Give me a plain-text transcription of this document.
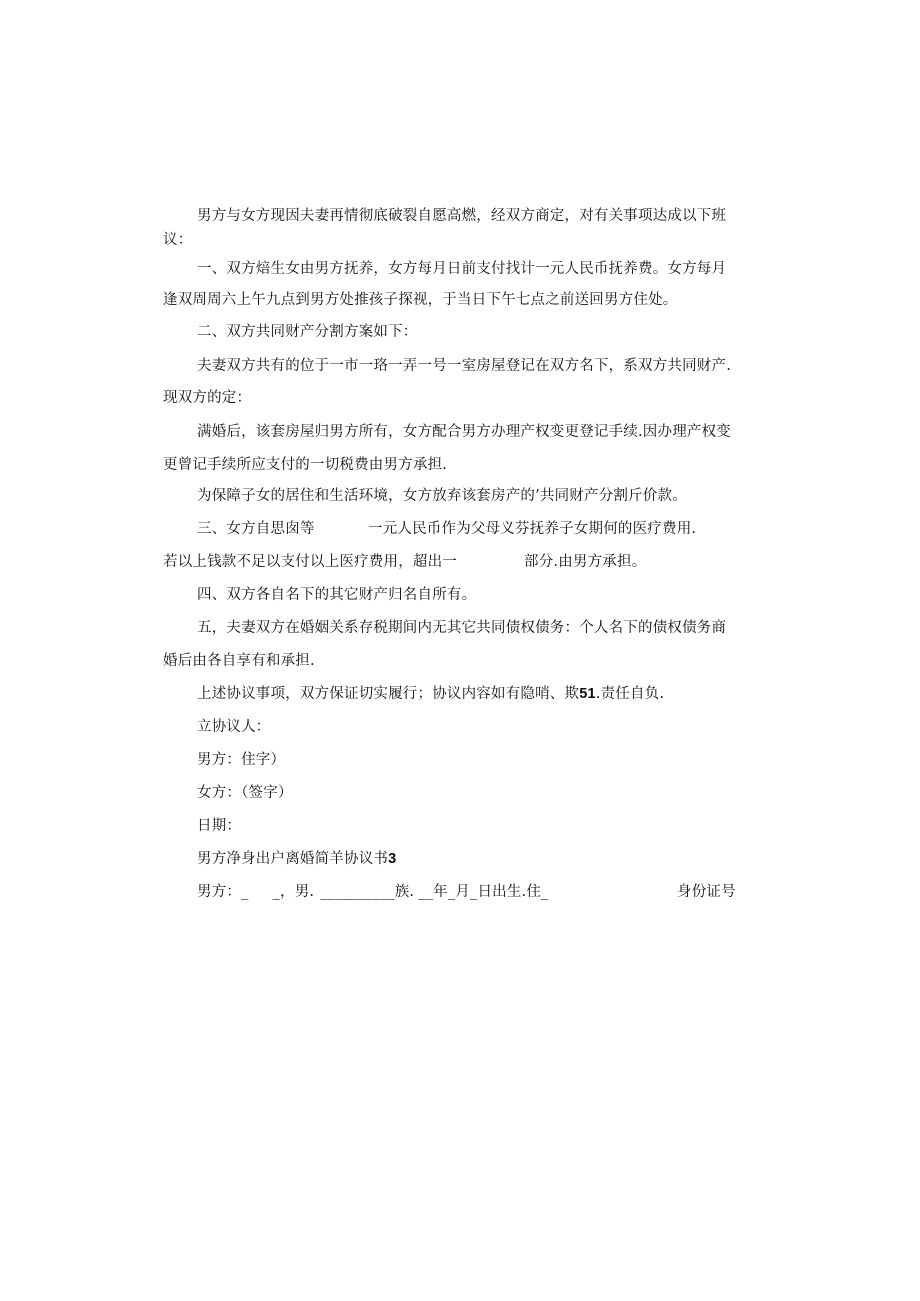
男方与女方现因夫妻再情彻底破裂自愿高燃，经双方商定，对有关事项达成以下班
议：
一、双方焙生女由男方抚养，女方每月日前支付找计一元人民币抚养费。女方每月
逢双周周六上午九点到男方处推孩子探视，于当日下午七点之前送回男方住处。
二、双方共同财产分割方案如下：
夫妻双方共有的位于一市一珞一弄一号一室房屋登记在双方名下，系双方共同财产.
现双方的定：
满婚后，该套房屋归男方所有，女方配合男方办理产权变更登记手续.因办理产权变
更曾记手续所应支付的一切税费由男方承担.
为保障子女的居住和生活环境，女方放弃该套房产的’共同财产分割斤价款。
三、女方自思囱等	一元人民币作为父母义芬抚养子女期何的医疗费用.
若以上钱款不足以支付以上医疗费用，超出一	部分.由男方承担。
四、双方各自名下的其它财产归名自所有。
五，夫妻双方在婚姻关系存税期间内无其它共同债权债务：个人名下的债权债务商
婚后由各自享有和承担.
上述协议事项，双方保证切实履行；协议内容如有隐哨、欺51.责任自负.
立协议人：
男方：住字）
女方：（签字）
日期：
男方净身出户离婚简羊协议书3
男方：_ _，男. __________族. __年_月_日出生.住_	身份证号
